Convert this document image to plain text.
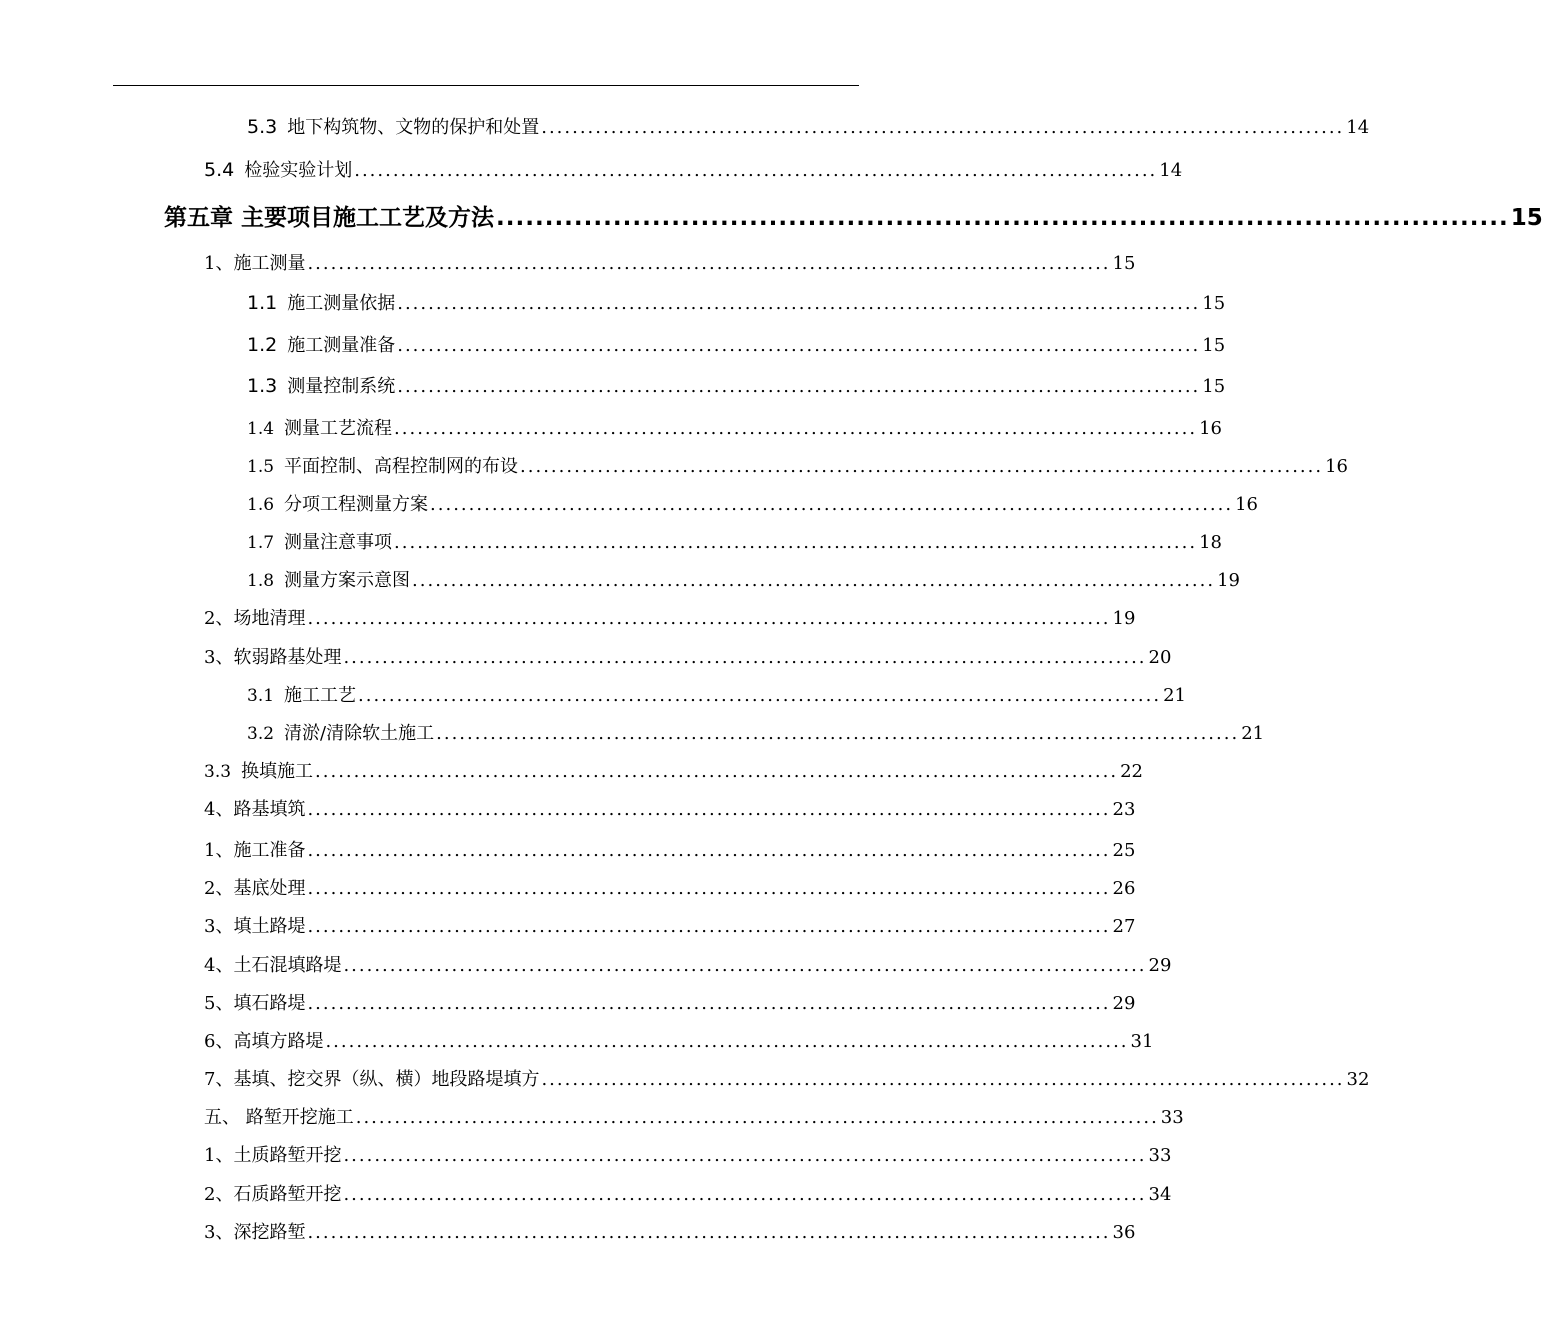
5.3 地下构筑物、文物的保护和处置 ........................................................................................................ 14
5.4 检验实验计划 ........................................................................................................ 14
第五章 主要项目施工工艺及方法 ........................................................................................................ 15
1、施工测量 ........................................................................................................ 15
1.1 施工测量依据 ........................................................................................................ 15
1.2 施工测量准备 ........................................................................................................ 15
1.3 测量控制系统 ........................................................................................................ 15
1.4 测量工艺流程 ........................................................................................................ 16
1.5 平面控制、高程控制网的布设 ........................................................................................................ 16
1.6 分项工程测量方案 ........................................................................................................ 16
1.7 测量注意事项 ........................................................................................................ 18
1.8 测量方案示意图 ........................................................................................................ 19
2、场地清理 ........................................................................................................ 19
3、软弱路基处理 ........................................................................................................ 20
3.1 施工工艺 ........................................................................................................ 21
3.2 清淤/清除软土施工 ........................................................................................................ 21
3.3 换填施工 ........................................................................................................ 22
4、路基填筑 ........................................................................................................ 23
1、施工准备 ........................................................................................................ 25
2、基底处理 ........................................................................................................ 26
3、填土路堤 ........................................................................................................ 27
4、土石混填路堤 ........................................................................................................ 29
5、填石路堤 ........................................................................................................ 29
6、高填方路堤 ........................................................................................................ 31
7、基填、挖交界（纵、横）地段路堤填方 ........................................................................................................ 32
五、 路堑开挖施工 ........................................................................................................ 33
1、土质路堑开挖 ........................................................................................................ 33
2、石质路堑开挖 ........................................................................................................ 34
3、深挖路堑 ........................................................................................................ 36
